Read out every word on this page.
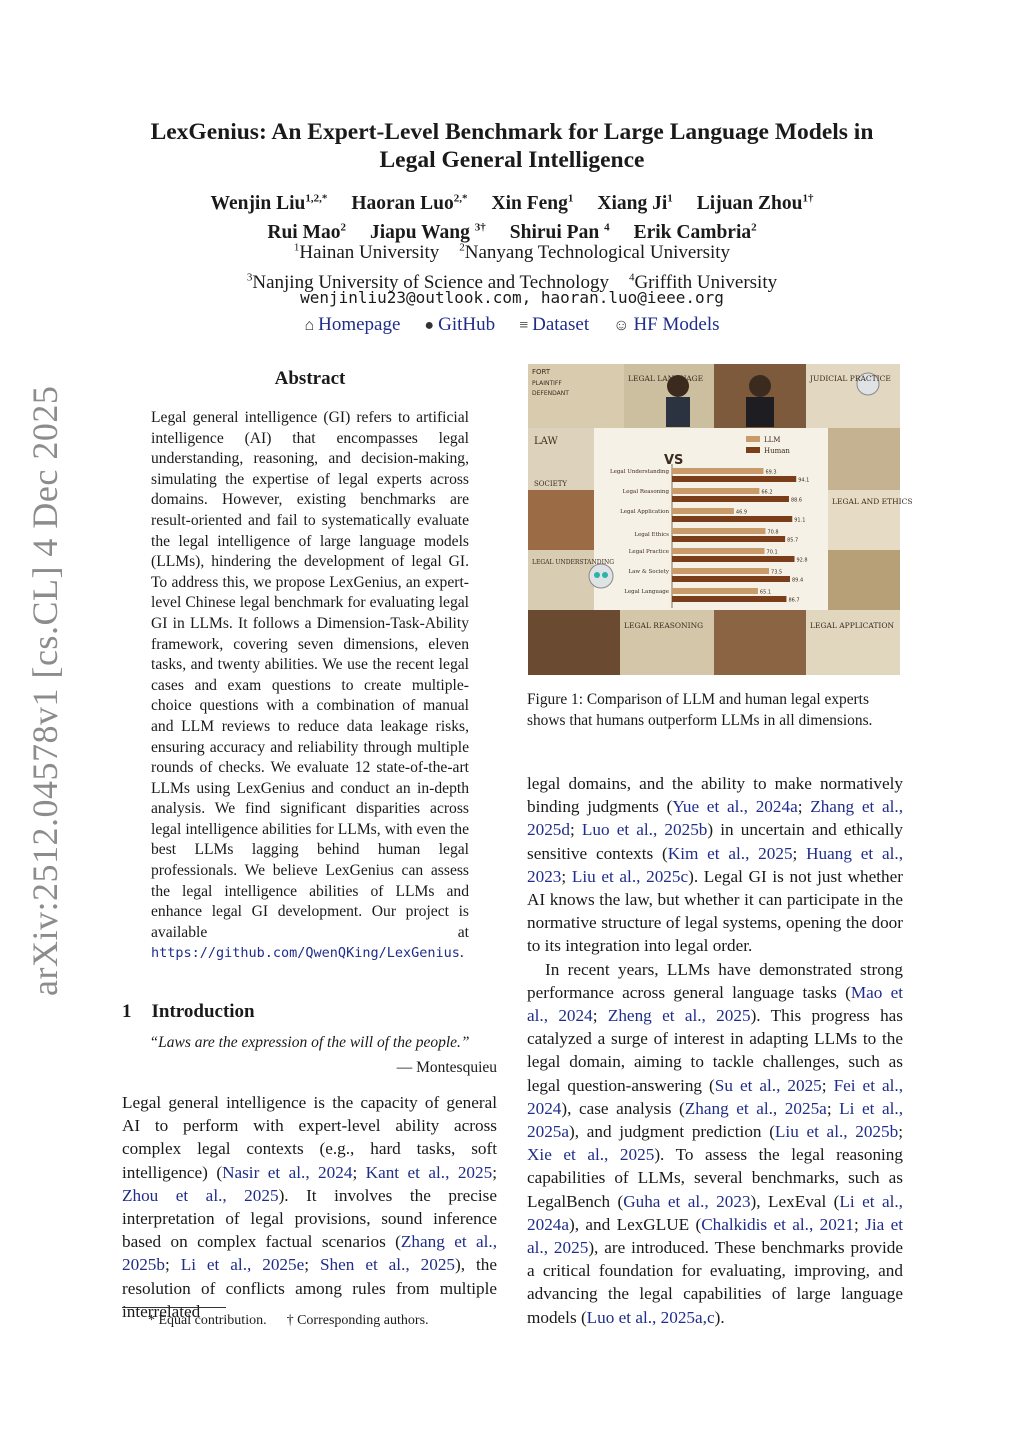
arXiv:2512.04578v1 [cs.CL] 4 Dec 2025
LexGenius: An Expert-Level Benchmark for Large Language Models in
Legal General Intelligence
Wenjin Liu$^{1,2,*}$ Haoran Luo$^{2,*}$ Xin Feng$^1$ Xiang Ji$^1$ Lijuan Zhou$^{1\dagger}$
Rui Mao$^2$ Jiapu Wang $^{3\dagger}$ Shirui Pan $^4$ Erik Cambria$^2$
$^1$Hainan University $^2$Nanyang Technological University
$^3$Nanjing University of Science and Technology $^4$Griffith University
wenjinliu23@outlook.com, haoran.luo@ieee.org
⌂ Homepage ● GitHub ≡ Dataset ☺ HF Models
Abstract
Legal general intelligence (GI) refers to artificial intelligence (AI) that encompasses legal understanding, reasoning, and decision-making, simulating the expertise of legal experts across domains. However, existing benchmarks are result-oriented and fail to systematically evaluate the legal intelligence of large language models (LLMs), hindering the development of legal GI. To address this, we propose LexGenius, an expert-level Chinese legal benchmark for evaluating legal GI in LLMs. It follows a Dimension-Task-Ability framework, covering seven dimensions, eleven tasks, and twenty abilities. We use the recent legal cases and exam questions to create multiple-choice questions with a combination of manual and LLM reviews to reduce data leakage risks, ensuring accuracy and reliability through multiple rounds of checks. We evaluate 12 state-of-the-art LLMs using LexGenius and conduct an in-depth analysis. We find significant disparities across legal intelligence abilities for LLMs, with even the best LLMs lagging behind human legal professionals. We believe LexGenius can assess the legal intelligence abilities of LLMs and enhance legal GI development. Our project is available at https://github.com/QwenQKing/LexGenius.
FORT
PLAINTIFF
DEFENDANT
LEGAL LANGUAGE	JUDICIAL PRACTICE
LAW
SOCIETY
VS
LEGAL AND ETHICS
LEGAL UNDERSTANDING
LEGAL REASONING	LEGAL APPLICATION
LLM
Human
Legal Understanding	69.3
94.1
Legal Reasoning	66.2
88.6
Legal Application	46.9
91.1
Legal Ethics	70.8
85.7
Legal Practice	70.1
92.8
Law & Society	73.5
89.4
Legal Language	65.1
86.7
Figure 1: Comparison of LLM and human legal experts shows that humans outperform LLMs in all dimensions.
1 Introduction
“Laws are the expression of the will of the people.”
— Montesquieu
Legal general intelligence is the capacity of general AI to perform with expert-level ability across complex legal contexts (e.g., hard tasks, soft intelligence) (Nasir et al., 2024; Kant et al., 2025; Zhou et al., 2025). It involves the precise interpretation of legal provisions, sound inference based on complex factual scenarios (Zhang et al., 2025b; Li et al., 2025e; Shen et al., 2025), the resolution of conflicts among rules from multiple interrelated

legal domains, and the ability to make normatively binding judgments (Yue et al., 2024a; Zhang et al., 2025d; Luo et al., 2025b) in uncertain and ethically sensitive contexts (Kim et al., 2025; Huang et al., 2023; Liu et al., 2025c). Legal GI is not just whether AI knows the law, but whether it can participate in the normative structure of legal systems, opening the door to its integration into legal order.

In recent years, LLMs have demonstrated strong performance across general language tasks (Mao et al., 2024; Zheng et al., 2025). This progress has catalyzed a surge of interest in adapting LLMs to the legal domain, aiming to tackle challenges, such as legal question-answering (Su et al., 2025; Fei et al., 2024), case analysis (Zhang et al., 2025a; Li et al., 2025a), and judgment prediction (Liu et al., 2025b; Xie et al., 2025). To assess the legal reasoning capabilities of LLMs, several benchmarks, such as LegalBench (Guha et al., 2023), LexEval (Li et al., 2024a), and LexGLUE (Chalkidis et al., 2021; Jia et al., 2025), are introduced. These benchmarks provide a critical foundation for evaluating, improving, and advancing the legal capabilities of large language models (Luo et al., 2025a,c).

* Equal contribution. † Corresponding authors.
